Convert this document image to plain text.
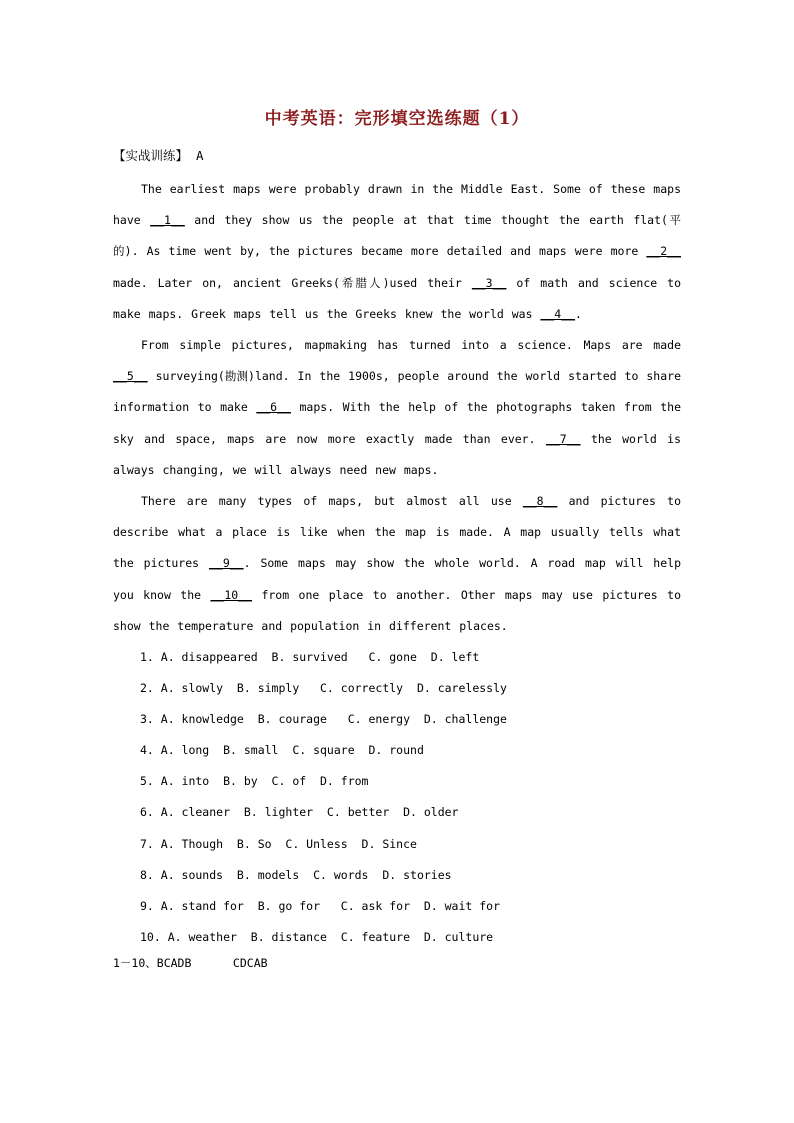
中考英语：完形填空选练题（1）
【实战训练】 A

The earliest maps were probably drawn in the Middle East. Some of these maps have __1__ and they show us the people at that time thought the earth flat(平的). As time went by, the pictures became more detailed and maps were more __2__ made. Later on, ancient Greeks(希腊人)used their __3__ of math and science to make maps. Greek maps tell us the Greeks knew the world was __4__.

From simple pictures, mapmaking has turned into a science. Maps are made __5__ surveying(勘测)land. In the 1900s, people around the world started to share information to make __6__ maps. With the help of the photographs taken from the sky and space, maps are now more exactly made than ever. __7__ the world is always changing, we will always need new maps.

There are many types of maps, but almost all use __8__ and pictures to describe what a place is like when the map is made. A map usually tells what the pictures __9__. Some maps may show the whole world. A road map will help you know the __10__ from one place to another. Other maps may use pictures to show the temperature and population in different places.

1. A. disappeared  B. survived   C. gone  D. left
2. A. slowly  B. simply   C. correctly  D. carelessly
3. A. knowledge  B. courage   C. energy  D. challenge
4. A. long  B. small  C. square  D. round
5. A. into  B. by  C. of  D. from
6. A. cleaner  B. lighter  C. better  D. older
7. A. Though  B. So  C. Unless  D. Since
8. A. sounds  B. models  C. words  D. stories
9. A. stand for  B. go for   C. ask for  D. wait for
10. A. weather  B. distance  C. feature  D. culture
1－10、BCADB      CDCAB
